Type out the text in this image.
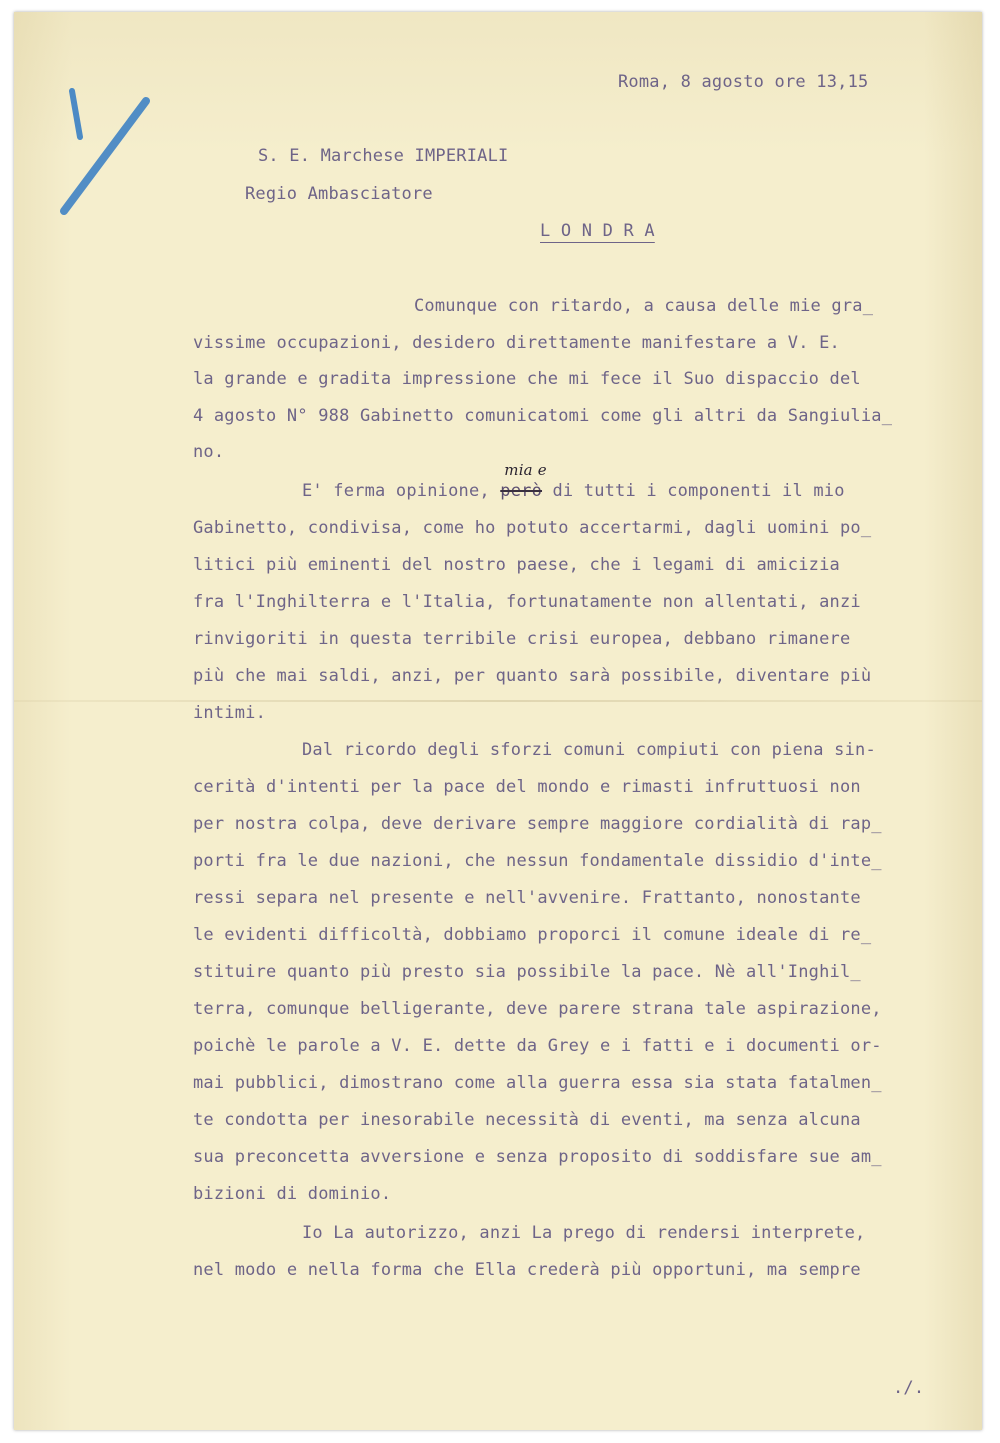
Roma, 8 agosto ore 13,15
S. E. Marchese IMPERIALI
Regio Ambasciatore
L O N D R A
Comunque con ritardo, a causa delle mie gra_
vissime occupazioni, desidero direttamente manifestare a V. E.
la grande e gradita impressione che mi fece il Suo dispaccio del
4 agosto N° 988 Gabinetto comunicatomi come gli altri da Sangiulia_
no.
E' ferma opinione, però
mia e
di tutti i componenti il mio
Gabinetto, condivisa, come ho potuto accertarmi, dagli uomini po_
litici più eminenti del nostro paese, che i legami di amicizia
fra l'Inghilterra e l'Italia, fortunatamente non allentati, anzi
rinvigoriti in questa terribile crisi europea, debbano rimanere
più che mai saldi, anzi, per quanto sarà possibile, diventare più
intimi.
Dal ricordo degli sforzi comuni compiuti con piena sin-
cerità d'intenti per la pace del mondo e rimasti infruttuosi non
per nostra colpa, deve derivare sempre maggiore cordialità di rap_
porti fra le due nazioni, che nessun fondamentale dissidio d'inte_
ressi separa nel presente e nell'avvenire. Frattanto, nonostante
le evidenti difficoltà, dobbiamo proporci il comune ideale di re_
stituire quanto più presto sia possibile la pace. Nè all'Inghil_
terra, comunque belligerante, deve parere strana tale aspirazione,
poichè le parole a V. E. dette da Grey e i fatti e i documenti or-
mai pubblici, dimostrano come alla guerra essa sia stata fatalmen_
te condotta per inesorabile necessità di eventi, ma senza alcuna
sua preconcetta avversione e senza proposito di soddisfare sue am_
bizioni di dominio.
Io La autorizzo, anzi La prego di rendersi interprete,
nel modo e nella forma che Ella crederà più opportuni, ma sempre
./.
